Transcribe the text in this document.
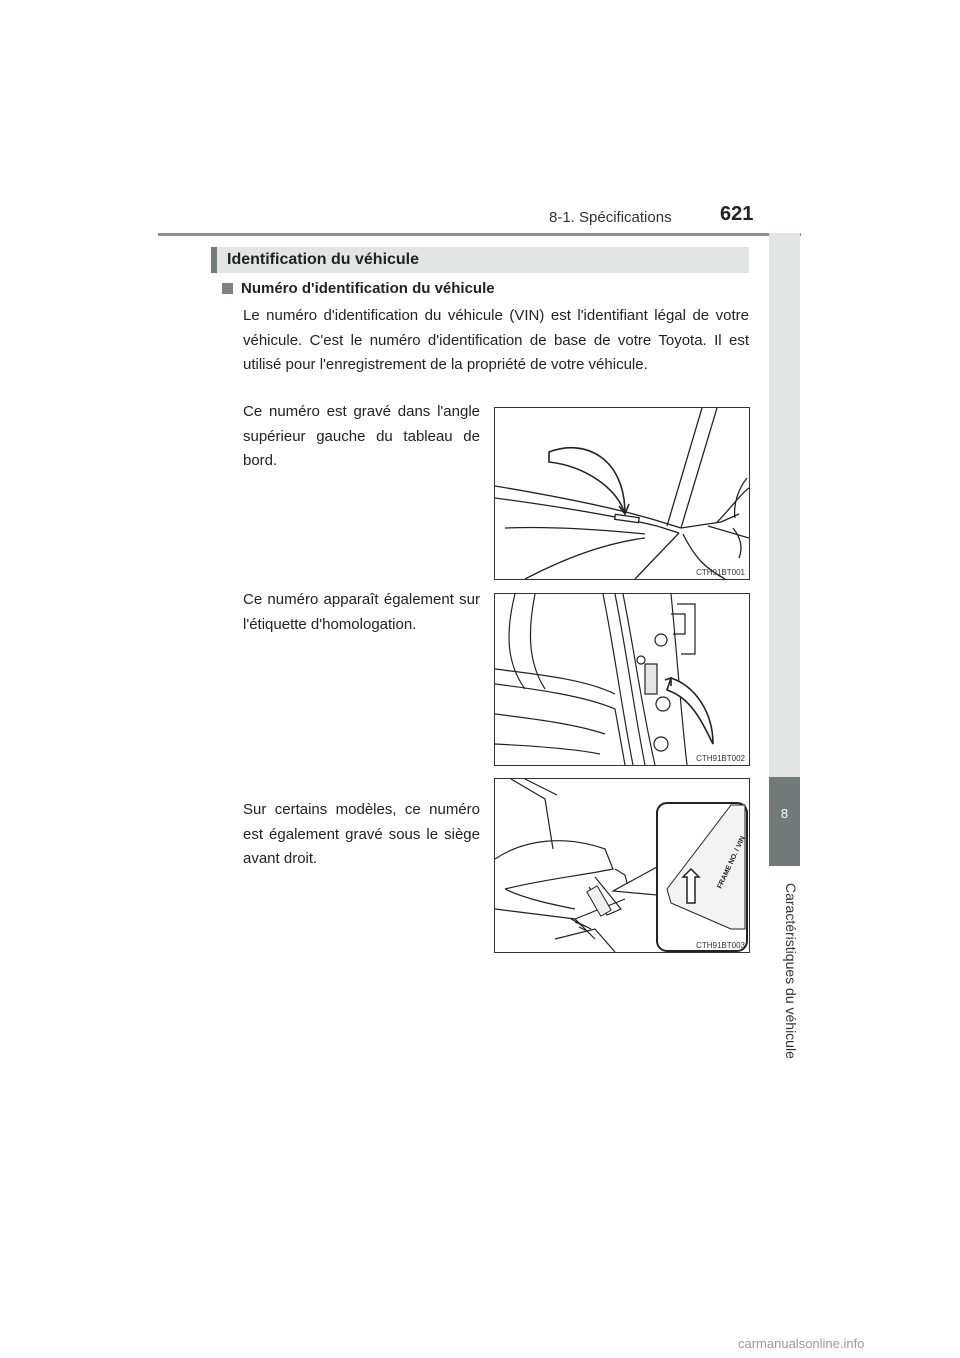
8-1. Spécifications 621
8
Caractéristiques du véhicule
Identification du véhicule
Numéro d'identification du véhicule
Le numéro d'identification du véhicule (VIN) est l'identifiant légal de votre véhicule. C'est le numéro d'identification de base de votre Toyota. Il est utilisé pour l'enregistrement de la propriété de votre véhicule.
Ce numéro est gravé dans l'angle supérieur gauche du tableau de bord.
CTH91BT001
Ce numéro apparaît également sur l'étiquette d'homologation.
CTH91BT002
Sur certains modèles, ce numéro est également gravé sous le siège avant droit.	FRAME NO. / VIN
CTH91BT003
carmanualsonline.info
